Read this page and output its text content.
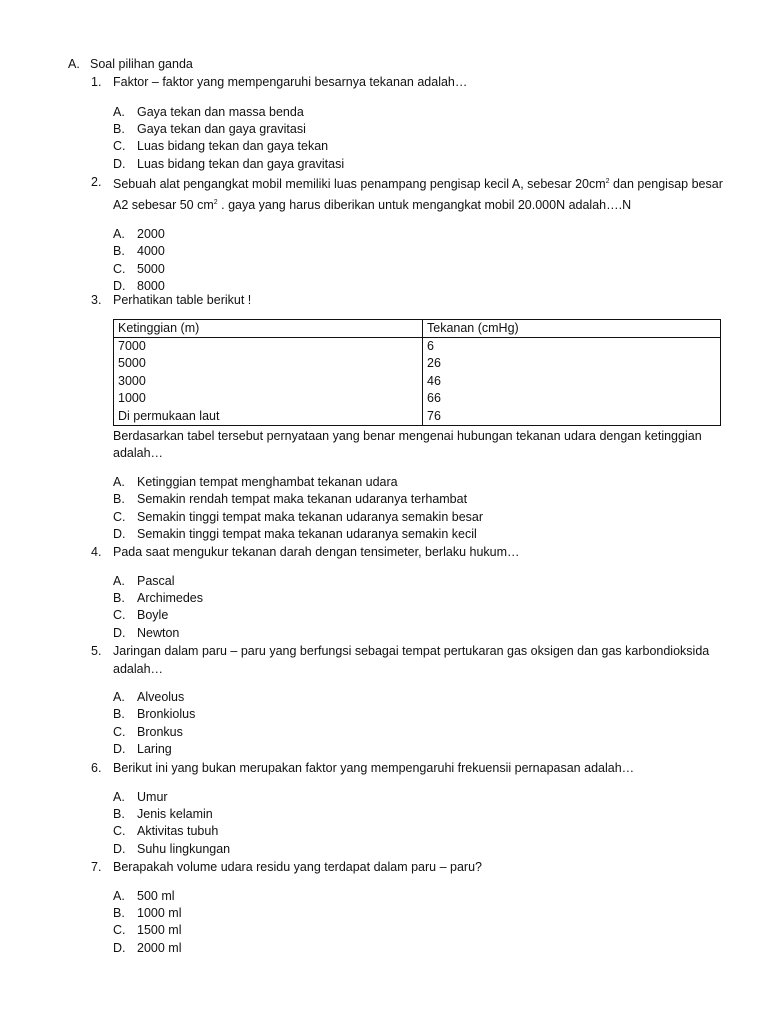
A. Soal pilihan ganda
1. Faktor – faktor yang mempengaruhi besarnya tekanan adalah…
A. Gaya tekan dan massa benda
B. Gaya tekan dan gaya gravitasi
C. Luas bidang tekan dan gaya tekan
D. Luas bidang tekan dan gaya gravitasi
2. Sebuah alat pengangkat mobil memiliki luas penampang pengisap kecil A, sebesar $20cm^2$ dan pengisap besar A2 sebesar 50 $cm^2$ . gaya yang harus diberikan untuk mengangkat mobil 20.000N adalah….N
A. 2000
B. 4000
C. 5000
D. 8000
3. Perhatikan table berikut !
Ketinggian (m)	Tekanan (cmHg)
7000	6
5000	26
3000	46
1000	66
Di permukaan laut	76
Berdasarkan tabel tersebut pernyataan yang benar mengenai hubungan tekanan udara dengan ketinggian adalah…
A. Ketinggian tempat menghambat tekanan udara
B. Semakin rendah tempat maka tekanan udaranya terhambat
C. Semakin tinggi tempat maka tekanan udaranya semakin besar
D. Semakin tinggi tempat maka tekanan udaranya semakin kecil
4. Pada saat mengukur tekanan darah dengan tensimeter, berlaku hukum…
A. Pascal
B. Archimedes
C. Boyle
D. Newton
5. Jaringan dalam paru – paru yang berfungsi sebagai tempat pertukaran gas oksigen dan gas karbondioksida adalah…
A. Alveolus
B. Bronkiolus
C. Bronkus
D. Laring
6. Berikut ini yang bukan merupakan faktor yang mempengaruhi frekuensii pernapasan adalah…
A. Umur
B. Jenis kelamin
C. Aktivitas tubuh
D. Suhu lingkungan
7. Berapakah volume udara residu yang terdapat dalam paru – paru?
A. 500 ml
B. 1000 ml
C. 1500 ml
D. 2000 ml
